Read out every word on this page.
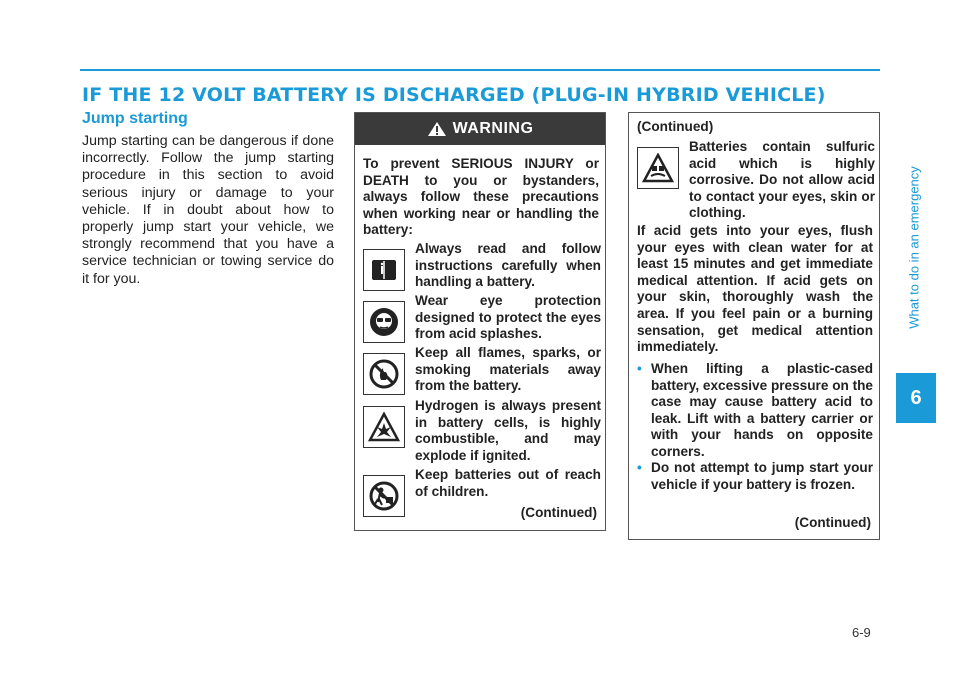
IF THE 12 VOLT BATTERY IS DISCHARGED (PLUG-IN HYBRID VEHICLE)
Jump starting
Jump starting can be dangerous if done incorrectly. Follow the jump starting procedure in this section to avoid serious injury or damage to your vehicle. If in doubt about how to properly jump start your vehicle, we strongly recommend that you have a service technician or towing service do it for you.
WARNING
To prevent SERIOUS INJURY or DEATH to you or bystanders, always follow these precautions when working near or handling the battery:
Always read and follow instructions carefully when handling a battery.
Wear eye protection designed to protect the eyes from acid splashes.
Keep all flames, sparks, or smoking materials away from the battery.
Hydrogen is always present in battery cells, is highly combustible, and may explode if ignited.
Keep batteries out of reach of children.
(Continued)
(Continued)
Batteries contain sulfuric acid which is highly corrosive. Do not allow acid to contact your eyes, skin or clothing.
If acid gets into your eyes, flush your eyes with clean water for at least 15 minutes and get immediate medical attention. If acid gets on your skin, thoroughly wash the area. If you feel pain or a burning sensation, get medical attention immediately.
• When lifting a plastic-cased battery, excessive pressure on the case may cause battery acid to leak. Lift with a battery carrier or with your hands on opposite corners.
• Do not attempt to jump start your vehicle if your battery is frozen.
(Continued)
What to do in an emergency
6
6-9
